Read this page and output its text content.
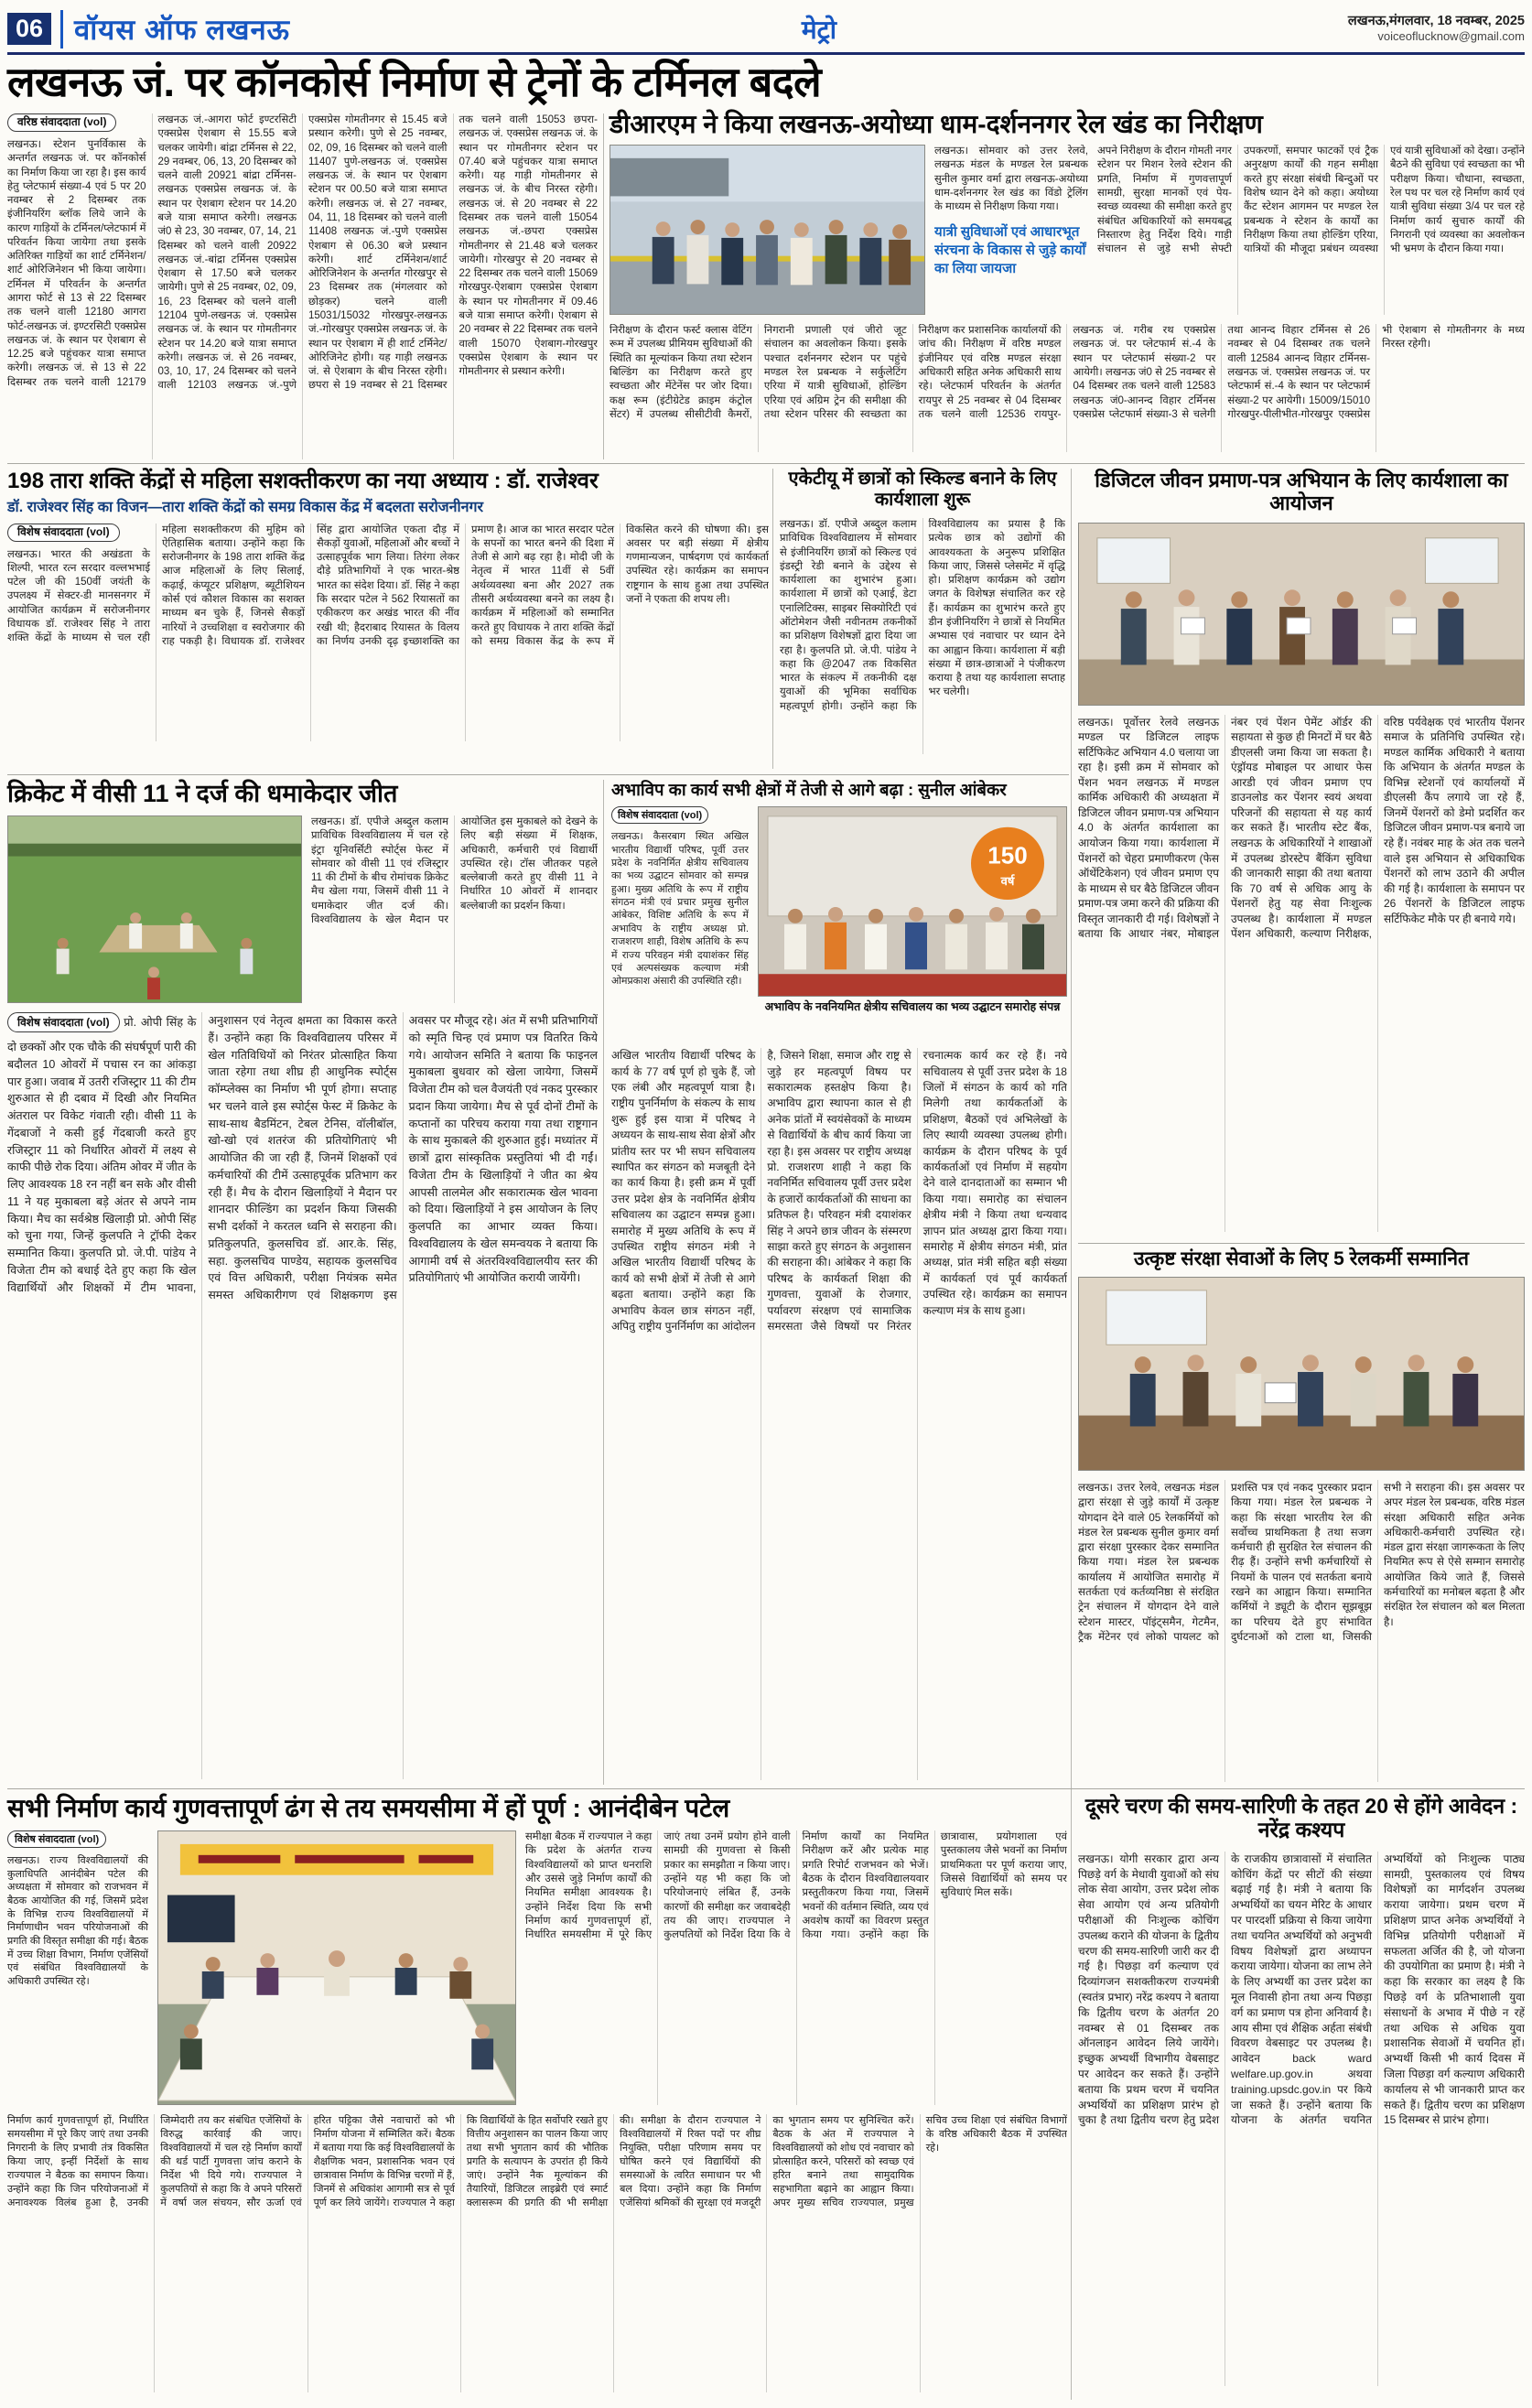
06	वॉयस ऑफ लखनऊ	मेट्रो	लखनऊ,मंगलवार, 18 नवम्बर, 2025
voiceoflucknow@gmail.com
लखनऊ जं. पर कॉनकोर्स निर्माण से ट्रेनों के टर्मिनल बदले
वरिष्ठ संवाददाता (vol) लखनऊ। स्टेशन पुनर्विकास के अन्तर्गत लखनऊ जं. पर कॉनकोर्स का निर्माण किया जा रहा है। इस कार्य हेतु प्लेटफार्म संख्या-4 एवं 5 पर 20 नवम्बर से 2 दिसम्बर तक इंजीनियरिंग ब्लॉक लिये जाने के कारण गाड़ियों के टर्मिनल/प्लेटफार्म में परिवर्तन किया जायेगा तथा इसके अतिरिक्त गाड़ियों का शार्ट टर्मिनेशन/शार्ट ओरिजिनेशन भी किया जायेगा। टर्मिनल में परिवर्तन के अन्तर्गत आगरा फोर्ट से 13 से 22 दिसम्बर तक चलने वाली 12180 आगरा फोर्ट-लखनऊ जं. इण्टरसिटी एक्सप्रेस लखनऊ जं. के स्थान पर ऐशबाग से 12.25 बजे पहुंचकर यात्रा समाप्त करेगी। लखनऊ जं. से 13 से 22 दिसम्बर तक चलने वाली 12179 लखनऊ जं.-आगरा फोर्ट इण्टरसिटी एक्सप्रेस ऐशबाग से 15.55 बजे चलकर जायेगी। बांद्रा टर्मिनस से 22, 29 नवम्बर, 06, 13, 20 दिसम्बर को चलने वाली 20921 बांद्रा टर्मिनस-लखनऊ एक्सप्रेस लखनऊ जं. के स्थान पर ऐशबाग स्टेशन पर 14.20 बजे यात्रा समाप्त करेगी। लखनऊ जं0 से 23, 30 नवम्बर, 07, 14, 21 दिसम्बर को चलने वाली 20922 लखनऊ जं.-बांद्रा टर्मिनस एक्सप्रेस ऐशबाग से 17.50 बजे चलकर जायेगी। पुणे से 25 नवम्बर, 02, 09, 16, 23 दिसम्बर को चलने वाली 12104 पुणे-लखनऊ जं. एक्सप्रेस लखनऊ जं. के स्थान पर गोमतीनगर स्टेशन पर 14.20 बजे यात्रा समाप्त करेगी। लखनऊ जं. से 26 नवम्बर, 03, 10, 17, 24 दिसम्बर को चलने वाली 12103 लखनऊ जं.-पुणे एक्सप्रेस गोमतीनगर से 15.45 बजे प्रस्थान करेगी। पुणे से 25 नवम्बर, 02, 09, 16 दिसम्बर को चलने वाली 11407 पुणे-लखनऊ जं. एक्सप्रेस लखनऊ जं. के स्थान पर ऐशबाग स्टेशन पर 00.50 बजे यात्रा समाप्त करेगी। लखनऊ जं. से 27 नवम्बर, 04, 11, 18 दिसम्बर को चलने वाली 11408 लखनऊ जं.-पुणे एक्सप्रेस ऐशबाग से 06.30 बजे प्रस्थान करेगी। शार्ट टर्मिनेशन/शार्ट ओरिजिनेशन के अन्तर्गत गोरखपुर से 23 दिसम्बर तक (मंगलवार को छोड़कर) चलने वाली 15031/15032 गोरखपुर-लखनऊ जं.-गोरखपुर एक्सप्रेस लखनऊ जं. के स्थान पर ऐशबाग में ही शार्ट टर्मिनेट/ओरिजिनेट होगी। यह गाड़ी लखनऊ जं. से ऐशबाग के बीच निरस्त रहेगी। छपरा से 19 नवम्बर से 21 दिसम्बर तक चलने वाली 15053 छपरा-लखनऊ जं. एक्सप्रेस लखनऊ जं. के स्थान पर गोमतीनगर स्टेशन पर 07.40 बजे पहुंचकर यात्रा समाप्त करेगी। यह गाड़ी गोमतीनगर से लखनऊ जं. के बीच निरस्त रहेगी। लखनऊ जं. से 20 नवम्बर से 22 दिसम्बर तक चलने वाली 15054 लखनऊ जं.-छपरा एक्सप्रेस गोमतीनगर से 21.48 बजे चलकर जायेगी। गोरखपुर से 20 नवम्बर से 22 दिसम्बर तक चलने वाली 15069 गोरखपुर-ऐशबाग एक्सप्रेस ऐशबाग के स्थान पर गोमतीनगर में 09.46 बजे यात्रा समाप्त करेगी। ऐशबाग से 20 नवम्बर से 22 दिसम्बर तक चलने वाली 15070 ऐशबाग-गोरखपुर एक्सप्रेस ऐशबाग के स्थान पर गोमतीनगर से प्रस्थान करेगी।
डीआरएम ने किया लखनऊ-अयोध्या धाम-दर्शननगर रेल खंड का निरीक्षण
लखनऊ। सोमवार को उत्तर रेलवे, लखनऊ मंडल के मण्डल रेल प्रबन्धक सुनील कुमार वर्मा द्वारा लखनऊ-अयोध्या धाम-दर्शननगर रेल खंड का विंडो ट्रेलिंग के माध्यम से निरीक्षण किया गया।
यात्री सुविधाओं एवं आधारभूत संरचना के विकास से जुड़े कार्यों का लिया जायजा
अपने निरीक्षण के दौरान गोमती नगर स्टेशन पर मिशन रेलवे स्टेशन की प्रगति, निर्माण में गुणवत्तापूर्ण सामग्री, सुरक्षा मानकों एवं पेय-स्वच्छ व्यवस्था की समीक्षा करते हुए संबंधित अधिकारियों को समयबद्ध निस्तारण हेतु निर्देश दिये। गाड़ी संचालन से जुड़े सभी सेफ्टी उपकरणों, समपार फाटकों एवं ट्रैक अनुरक्षण कार्यों की गहन समीक्षा करते हुए संरक्षा संबंधी बिन्दुओं पर विशेष ध्यान देने को कहा। अयोध्या कैंट स्टेशन आगमन पर मण्डल रेल प्रबन्धक ने स्टेशन के कार्यों का निरीक्षण किया तथा होल्डिंग एरिया, यात्रियों की मौजूदा प्रबंधन व्यवस्था एवं यात्री सुविधाओं को देखा। उन्होंने बैठने की सुविधा एवं स्वच्छता का भी परीक्षण किया। चौधाना, स्वच्छता, रेल पथ पर चल रहे निर्माण कार्य एवं यात्री सुविधा संख्या 3/4 पर चल रहे निर्माण कार्य सुचारु कार्यों की निगरानी एवं व्यवस्था का अवलोकन भी भ्रमण के दौरान किया गया।
निरीक्षण के दौरान फर्स्ट क्लास वेटिंग रूम में उपलब्ध प्रीमियम सुविधाओं की स्थिति का मूल्यांकन किया तथा स्टेशन बिल्डिंग का निरीक्षण करते हुए स्वच्छता और मेंटेनेंस पर जोर दिया। कक्ष रूम (इंटीग्रेटेड क्राइम कंट्रोल सेंटर) में उपलब्ध सीसीटीवी कैमरों, निगरानी प्रणाली एवं जीरो जूट संचालन का अवलोकन किया। इसके पश्चात दर्शननगर स्टेशन पर पहुंचे मण्डल रेल प्रबन्धक ने सर्कुलेटिंग एरिया में यात्री सुविधाओं, होल्डिंग एरिया एवं अग्रिम ट्रेन की समीक्षा की तथा स्टेशन परिसर की स्वच्छता का निरीक्षण कर प्रशासनिक कार्यालयों की जांच की। निरीक्षण में वरिष्ठ मण्डल इंजीनियर एवं वरिष्ठ मण्डल संरक्षा अधिकारी सहित अनेक अधिकारी साथ रहे। प्लेटफार्म परिवर्तन के अंतर्गत रायपुर से 25 नवम्बर से 04 दिसम्बर तक चलने वाली 12536 रायपुर-लखनऊ जं. गरीब रथ एक्सप्रेस लखनऊ जं. पर प्लेटफार्म सं.-4 के स्थान पर प्लेटफार्म संख्या-2 पर आयेगी। लखनऊ जं0 से 25 नवम्बर से 04 दिसम्बर तक चलने वाली 12583 लखनऊ जं0-आनन्द विहार टर्मिनस एक्सप्रेस प्लेटफार्म संख्या-3 से चलेगी तथा आनन्द विहार टर्मिनस से 26 नवम्बर से 04 दिसम्बर तक चलने वाली 12584 आनन्द विहार टर्मिनस-लखनऊ जं. एक्सप्रेस लखनऊ जं. पर प्लेटफार्म सं.-4 के स्थान पर प्लेटफार्म संख्या-2 पर आयेगी। 15009/15010 गोरखपुर-पीलीभीत-गोरखपुर एक्सप्रेस भी ऐशबाग से गोमतीनगर के मध्य निरस्त रहेगी।
198 तारा शक्ति केंद्रों से महिला सशक्तीकरण का नया अध्याय : डॉ. राजेश्वर
डॉ. राजेश्वर सिंह का विजन—तारा शक्ति केंद्रों को समग्र विकास केंद्र में बदलता सरोजनीनगर
विशेष संवाददाता (vol) लखनऊ। भारत की अखंडता के शिल्पी, भारत रत्न सरदार वल्लभभाई पटेल जी की 150वीं जयंती के उपलक्ष्य में सेक्टर-डी मानसनगर में आयोजित कार्यक्रम में सरोजनीनगर विधायक डॉ. राजेश्वर सिंह ने तारा शक्ति केंद्रों के माध्यम से चल रही महिला सशक्तीकरण की मुहिम को ऐतिहासिक बताया। उन्होंने कहा कि सरोजनीनगर के 198 तारा शक्ति केंद्र आज महिलाओं के लिए सिलाई, कढ़ाई, कंप्यूटर प्रशिक्षण, ब्यूटीशियन कोर्स एवं कौशल विकास का सशक्त माध्यम बन चुके हैं, जिनसे सैकड़ों नारियों ने उच्चशिक्षा व स्वरोजगार की राह पकड़ी है। विधायक डॉ. राजेश्वर सिंह द्वारा आयोजित एकता दौड़ में सैकड़ों युवाओं, महिलाओं और बच्चों ने उत्साहपूर्वक भाग लिया। तिरंगा लेकर दौड़े प्रतिभागियों ने एक भारत-श्रेष्ठ भारत का संदेश दिया। डॉ. सिंह ने कहा कि सरदार पटेल ने 562 रियासतों का एकीकरण कर अखंड भारत की नींव रखी थी; हैदराबाद रियासत के विलय का निर्णय उनकी दृढ़ इच्छाशक्ति का प्रमाण है। आज का भारत सरदार पटेल के सपनों का भारत बनने की दिशा में तेजी से आगे बढ़ रहा है। मोदी जी के नेतृत्व में भारत 11वीं से 5वीं अर्थव्यवस्था बना और 2027 तक तीसरी अर्थव्यवस्था बनने का लक्ष्य है। कार्यक्रम में महिलाओं को सम्मानित करते हुए विधायक ने तारा शक्ति केंद्रों को समग्र विकास केंद्र के रूप में विकसित करने की घोषणा की। इस अवसर पर बड़ी संख्या में क्षेत्रीय गणमान्यजन, पार्षदगण एवं कार्यकर्ता उपस्थित रहे। कार्यक्रम का समापन राष्ट्रगान के साथ हुआ तथा उपस्थित जनों ने एकता की शपथ ली।
एकेटीयू में छात्रों को स्किल्ड बनाने के लिए कार्यशाला शुरू
लखनऊ। डॉ. एपीजे अब्दुल कलाम प्राविधिक विश्वविद्यालय में सोमवार से इंजीनियरिंग छात्रों को स्किल्ड एवं इंडस्ट्री रेडी बनाने के उद्देश्य से कार्यशाला का शुभारंभ हुआ। कार्यशाला में छात्रों को एआई, डेटा एनालिटिक्स, साइबर सिक्योरिटी एवं ऑटोमेशन जैसी नवीनतम तकनीकों का प्रशिक्षण विशेषज्ञों द्वारा दिया जा रहा है। कुलपति प्रो. जे.पी. पांडेय ने कहा कि @2047 तक विकसित भारत के संकल्प में तकनीकी दक्ष युवाओं की भूमिका सर्वाधिक महत्वपूर्ण होगी। उन्होंने कहा कि विश्वविद्यालय का प्रयास है कि प्रत्येक छात्र को उद्योगों की आवश्यकता के अनुरूप प्रशिक्षित किया जाए, जिससे प्लेसमेंट में वृद्धि हो। प्रशिक्षण कार्यक्रम को उद्योग जगत के विशेषज्ञ संचालित कर रहे हैं। कार्यक्रम का शुभारंभ करते हुए डीन इंजीनियरिंग ने छात्रों से नियमित अभ्यास एवं नवाचार पर ध्यान देने का आह्वान किया। कार्यशाला में बड़ी संख्या में छात्र-छात्राओं ने पंजीकरण कराया है तथा यह कार्यशाला सप्ताह भर चलेगी।
डिजिटल जीवन प्रमाण-पत्र अभियान के लिए कार्यशाला का आयोजन
लखनऊ। पूर्वोत्तर रेलवे लखनऊ मण्डल पर डिजिटल लाइफ सर्टिफिकेट अभियान 4.0 चलाया जा रहा है। इसी क्रम में सोमवार को पेंशन भवन लखनऊ में मण्डल कार्मिक अधिकारी की अध्यक्षता में डिजिटल जीवन प्रमाण-पत्र अभियान 4.0 के अंतर्गत कार्यशाला का आयोजन किया गया। कार्यशाला में पेंशनरों को चेहरा प्रमाणीकरण (फेस ऑथेंटिकेशन) एवं जीवन प्रमाण एप के माध्यम से घर बैठे डिजिटल जीवन प्रमाण-पत्र जमा करने की प्रक्रिया की विस्तृत जानकारी दी गई। विशेषज्ञों ने बताया कि आधार नंबर, मोबाइल नंबर एवं पेंशन पेमेंट ऑर्डर की सहायता से कुछ ही मिनटों में घर बैठे डीएलसी जमा किया जा सकता है। एंड्रॉयड मोबाइल पर आधार फेस आरडी एवं जीवन प्रमाण एप डाउनलोड कर पेंशनर स्वयं अथवा परिजनों की सहायता से यह कार्य कर सकते हैं। भारतीय स्टेट बैंक, लखनऊ के अधिकारियों ने शाखाओं में उपलब्ध डोरस्टेप बैंकिंग सुविधा की जानकारी साझा की तथा बताया कि 70 वर्ष से अधिक आयु के पेंशनरों हेतु यह सेवा निःशुल्क उपलब्ध है। कार्यशाला में मण्डल पेंशन अधिकारी, कल्याण निरीक्षक, वरिष्ठ पर्यवेक्षक एवं भारतीय पेंशनर समाज के प्रतिनिधि उपस्थित रहे। मण्डल कार्मिक अधिकारी ने बताया कि अभियान के अंतर्गत मण्डल के विभिन्न स्टेशनों एवं कार्यालयों में डीएलसी कैंप लगाये जा रहे हैं, जिनमें पेंशनरों को डेमो प्रदर्शित कर डिजिटल जीवन प्रमाण-पत्र बनाये जा रहे हैं। नवंबर माह के अंत तक चलने वाले इस अभियान से अधिकाधिक पेंशनरों को लाभ उठाने की अपील की गई है। कार्यशाला के समापन पर 26 पेंशनरों के डिजिटल लाइफ सर्टिफिकेट मौके पर ही बनाये गये।
क्रिकेट में वीसी 11 ने दर्ज की धमाकेदार जीत
लखनऊ। डॉ. एपीजे अब्दुल कलाम प्राविधिक विश्वविद्यालय में चल रहे इंट्रा यूनिवर्सिटी स्पोर्ट्स फेस्ट में सोमवार को वीसी 11 एवं रजिस्ट्रार 11 की टीमों के बीच रोमांचक क्रिकेट मैच खेला गया, जिसमें वीसी 11 ने धमाकेदार जीत दर्ज की। विश्वविद्यालय के खेल मैदान पर आयोजित इस मुकाबले को देखने के लिए बड़ी संख्या में शिक्षक, अधिकारी, कर्मचारी एवं विद्यार्थी उपस्थित रहे। टॉस जीतकर पहले बल्लेबाजी करते हुए वीसी 11 ने निर्धारित 10 ओवरों में शानदार बल्लेबाजी का प्रदर्शन किया।
विशेष संवाददाता (vol) प्रो. ओपी सिंह के दो छक्कों और एक चौके की संघर्षपूर्ण पारी की बदौलत 10 ओवरों में पचास रन का आंकड़ा पार हुआ। जवाब में उतरी रजिस्ट्रार 11 की टीम शुरुआत से ही दबाव में दिखी और नियमित अंतराल पर विकेट गंवाती रही। वीसी 11 के गेंदबाजों ने कसी हुई गेंदबाजी करते हुए रजिस्ट्रार 11 को निर्धारित ओवरों में लक्ष्य से काफी पीछे रोक दिया। अंतिम ओवर में जीत के लिए आवश्यक 18 रन नहीं बन सके और वीसी 11 ने यह मुकाबला बड़े अंतर से अपने नाम किया। मैच का सर्वश्रेष्ठ खिलाड़ी प्रो. ओपी सिंह को चुना गया, जिन्हें कुलपति ने ट्रॉफी देकर सम्मानित किया। कुलपति प्रो. जे.पी. पांडेय ने विजेता टीम को बधाई देते हुए कहा कि खेल विद्यार्थियों और शिक्षकों में टीम भावना, अनुशासन एवं नेतृत्व क्षमता का विकास करते हैं। उन्होंने कहा कि विश्वविद्यालय परिसर में खेल गतिविधियों को निरंतर प्रोत्साहित किया जाता रहेगा तथा शीघ्र ही आधुनिक स्पोर्ट्स कॉम्प्लेक्स का निर्माण भी पूर्ण होगा। सप्ताह भर चलने वाले इस स्पोर्ट्स फेस्ट में क्रिकेट के साथ-साथ बैडमिंटन, टेबल टेनिस, वॉलीबॉल, खो-खो एवं शतरंज की प्रतियोगिताएं भी आयोजित की जा रही हैं, जिनमें शिक्षकों एवं कर्मचारियों की टीमें उत्साहपूर्वक प्रतिभाग कर रही हैं। मैच के दौरान खिलाड़ियों ने मैदान पर शानदार फील्डिंग का प्रदर्शन किया जिसकी सभी दर्शकों ने करतल ध्वनि से सराहना की। प्रतिकुलपति, कुलसचिव डॉ. आर.के. सिंह, सहा. कुलसचिव पाण्डेय, सहायक कुलसचिव एवं वित्त अधिकारी, परीक्षा नियंत्रक समेत समस्त अधिकारीगण एवं शिक्षकगण इस अवसर पर मौजूद रहे। अंत में सभी प्रतिभागियों को स्मृति चिन्ह एवं प्रमाण पत्र वितरित किये गये। आयोजन समिति ने बताया कि फाइनल मुकाबला बुधवार को खेला जायेगा, जिसमें विजेता टीम को चल वैजयंती एवं नकद पुरस्कार प्रदान किया जायेगा। मैच से पूर्व दोनों टीमों के कप्तानों का परिचय कराया गया तथा राष्ट्रगान के साथ मुकाबले की शुरुआत हुई। मध्यांतर में छात्रों द्वारा सांस्कृतिक प्रस्तुतियां भी दी गईं। विजेता टीम के खिलाड़ियों ने जीत का श्रेय आपसी तालमेल और सकारात्मक खेल भावना को दिया। खिलाड़ियों ने इस आयोजन के लिए कुलपति का आभार व्यक्त किया। विश्वविद्यालय के खेल समन्वयक ने बताया कि आगामी वर्ष से अंतरविश्वविद्यालयीय स्तर की प्रतियोगिताएं भी आयोजित करायी जायेंगी।
अभाविप का कार्य सभी क्षेत्रों में तेजी से आगे बढ़ा : सुनील आंबेकर
विशेष संवाददाता (vol)
लखनऊ। कैसरबाग स्थित अखिल भारतीय विद्यार्थी परिषद, पूर्वी उत्तर प्रदेश के नवनिर्मित क्षेत्रीय सचिवालय का भव्य उद्घाटन सोमवार को सम्पन्न हुआ। मुख्य अतिथि के रूप में राष्ट्रीय संगठन मंत्री एवं प्रचार प्रमुख सुनील आंबेकर, विशिष्ट अतिथि के रूप में अभाविप के राष्ट्रीय अध्यक्ष प्रो. राजशरण शाही, विशेष अतिथि के रूप में राज्य परिवहन मंत्री दयाशंकर सिंह एवं अल्पसंख्यक कल्याण मंत्री ओमप्रकाश अंसारी की उपस्थिति रही।
150
वर्ष
अभाविप के नवनियमित क्षेत्रीय सचिवालय का भव्य उद्घाटन समारोह संपन्न
अखिल भारतीय विद्यार्थी परिषद के कार्य के 77 वर्ष पूर्ण हो चुके हैं, जो एक लंबी और महत्वपूर्ण यात्रा है। राष्ट्रीय पुनर्निर्माण के संकल्प के साथ शुरू हुई इस यात्रा में परिषद ने अध्ययन के साथ-साथ सेवा क्षेत्रों और प्रांतीय स्तर पर भी सघन सचिवालय स्थापित कर संगठन को मजबूती देने का कार्य किया है। इसी क्रम में पूर्वी उत्तर प्रदेश क्षेत्र के नवनिर्मित क्षेत्रीय सचिवालय का उद्घाटन सम्पन्न हुआ। समारोह में मुख्य अतिथि के रूप में उपस्थित राष्ट्रीय संगठन मंत्री ने अखिल भारतीय विद्यार्थी परिषद के कार्य को सभी क्षेत्रों में तेजी से आगे बढ़ता बताया। उन्होंने कहा कि अभाविप केवल छात्र संगठन नहीं, अपितु राष्ट्रीय पुनर्निर्माण का आंदोलन है, जिसने शिक्षा, समाज और राष्ट्र से जुड़े हर महत्वपूर्ण विषय पर सकारात्मक हस्तक्षेप किया है। अभाविप द्वारा स्थापना काल से ही अनेक प्रांतों में स्वयंसेवकों के माध्यम से विद्यार्थियों के बीच कार्य किया जा रहा है। इस अवसर पर राष्ट्रीय अध्यक्ष प्रो. राजशरण शाही ने कहा कि नवनिर्मित सचिवालय पूर्वी उत्तर प्रदेश के हजारों कार्यकर्ताओं की साधना का प्रतिफल है। परिवहन मंत्री दयाशंकर सिंह ने अपने छात्र जीवन के संस्मरण साझा करते हुए संगठन के अनुशासन की सराहना की। आंबेकर ने कहा कि परिषद के कार्यकर्ता शिक्षा की गुणवत्ता, युवाओं के रोजगार, पर्यावरण संरक्षण एवं सामाजिक समरसता जैसे विषयों पर निरंतर रचनात्मक कार्य कर रहे हैं। नये सचिवालय से पूर्वी उत्तर प्रदेश के 18 जिलों में संगठन के कार्य को गति मिलेगी तथा कार्यकर्ताओं के प्रशिक्षण, बैठकों एवं अभिलेखों के लिए स्थायी व्यवस्था उपलब्ध होगी। कार्यक्रम के दौरान परिषद के पूर्व कार्यकर्ताओं एवं निर्माण में सहयोग देने वाले दानदाताओं का सम्मान भी किया गया। समारोह का संचालन क्षेत्रीय मंत्री ने किया तथा धन्यवाद ज्ञापन प्रांत अध्यक्ष द्वारा किया गया। समारोह में क्षेत्रीय संगठन मंत्री, प्रांत अध्यक्ष, प्रांत मंत्री सहित बड़ी संख्या में कार्यकर्ता एवं पूर्व कार्यकर्ता उपस्थित रहे। कार्यक्रम का समापन कल्याण मंत्र के साथ हुआ।
उत्कृष्ट संरक्षा सेवाओं के लिए 5 रेलकर्मी सम्मानित
लखनऊ। उत्तर रेलवे, लखनऊ मंडल द्वारा संरक्षा से जुड़े कार्यों में उत्कृष्ट योगदान देने वाले 05 रेलकर्मियों को मंडल रेल प्रबन्धक सुनील कुमार वर्मा द्वारा संरक्षा पुरस्कार देकर सम्मानित किया गया। मंडल रेल प्रबन्धक कार्यालय में आयोजित समारोह में सतर्कता एवं कर्तव्यनिष्ठा से संरक्षित ट्रेन संचालन में योगदान देने वाले स्टेशन मास्टर, पॉइंट्समैन, गेटमैन, ट्रैक मेंटेनर एवं लोको पायलट को प्रशस्ति पत्र एवं नकद पुरस्कार प्रदान किया गया। मंडल रेल प्रबन्धक ने कहा कि संरक्षा भारतीय रेल की सर्वोच्च प्राथमिकता है तथा सजग कर्मचारी ही सुरक्षित रेल संचालन की रीढ़ हैं। उन्होंने सभी कर्मचारियों से नियमों के पालन एवं सतर्कता बनाये रखने का आह्वान किया। सम्मानित कर्मियों ने ड्यूटी के दौरान सूझबूझ का परिचय देते हुए संभावित दुर्घटनाओं को टाला था, जिसकी सभी ने सराहना की। इस अवसर पर अपर मंडल रेल प्रबन्धक, वरिष्ठ मंडल संरक्षा अधिकारी सहित अनेक अधिकारी-कर्मचारी उपस्थित रहे। मंडल द्वारा संरक्षा जागरूकता के लिए नियमित रूप से ऐसे सम्मान समारोह आयोजित किये जाते हैं, जिससे कर्मचारियों का मनोबल बढ़ता है और संरक्षित रेल संचालन को बल मिलता है।
सभी निर्माण कार्य गुणवत्तापूर्ण ढंग से तय समयसीमा में हों पूर्ण : आनंदीबेन पटेल
विशेष संवाददाता (vol)
लखनऊ। राज्य विश्वविद्यालयों की कुलाधिपति आनंदीबेन पटेल की अध्यक्षता में सोमवार को राजभवन में बैठक आयोजित की गई, जिसमें प्रदेश के विभिन्न राज्य विश्वविद्यालयों में निर्माणाधीन भवन परियोजनाओं की प्रगति की विस्तृत समीक्षा की गई। बैठक में उच्च शिक्षा विभाग, निर्माण एजेंसियों एवं संबंधित विश्वविद्यालयों के अधिकारी उपस्थित रहे।
समीक्षा बैठक में राज्यपाल ने कहा कि प्रदेश के अंतर्गत राज्य विश्वविद्यालयों को प्राप्त धनराशि और उससे जुड़े निर्माण कार्यों की नियमित समीक्षा आवश्यक है। उन्होंने निर्देश दिया कि सभी निर्माण कार्य गुणवत्तापूर्ण हों, निर्धारित समयसीमा में पूरे किए जाएं तथा उनमें प्रयोग होने वाली सामग्री की गुणवत्ता से किसी प्रकार का समझौता न किया जाए। उन्होंने यह भी कहा कि जो परियोजनाएं लंबित हैं, उनके कारणों की समीक्षा कर जवाबदेही तय की जाए। राज्यपाल ने कुलपतियों को निर्देश दिया कि वे निर्माण कार्यों का नियमित निरीक्षण करें और प्रत्येक माह प्रगति रिपोर्ट राजभवन को भेजें। बैठक के दौरान विश्वविद्यालयवार प्रस्तुतीकरण किया गया, जिसमें भवनों की वर्तमान स्थिति, व्यय एवं अवशेष कार्यों का विवरण प्रस्तुत किया गया। उन्होंने कहा कि छात्रावास, प्रयोगशाला एवं पुस्तकालय जैसे भवनों का निर्माण प्राथमिकता पर पूर्ण कराया जाए, जिससे विद्यार्थियों को समय पर सुविधाएं मिल सकें।
निर्माण कार्य गुणवत्तापूर्ण हों, निर्धारित समयसीमा में पूरे किए जाएं तथा उनकी निगरानी के लिए प्रभावी तंत्र विकसित किया जाए, इन्हीं निर्देशों के साथ राज्यपाल ने बैठक का समापन किया। उन्होंने कहा कि जिन परियोजनाओं में अनावश्यक विलंब हुआ है, उनकी जिम्मेदारी तय कर संबंधित एजेंसियों के विरुद्ध कार्रवाई की जाए। विश्वविद्यालयों में चल रहे निर्माण कार्यों की थर्ड पार्टी गुणवत्ता जांच कराने के निर्देश भी दिये गये। राज्यपाल ने कुलपतियों से कहा कि वे अपने परिसरों में वर्षा जल संचयन, सौर ऊर्जा एवं हरित पट्टिका जैसे नवाचारों को भी निर्माण योजना में सम्मिलित करें। बैठक में बताया गया कि कई विश्वविद्यालयों के शैक्षणिक भवन, प्रशासनिक भवन एवं छात्रावास निर्माण के विभिन्न चरणों में हैं, जिनमें से अधिकांश आगामी सत्र से पूर्व पूर्ण कर लिये जायेंगे। राज्यपाल ने कहा कि विद्यार्थियों के हित सर्वोपरि रखते हुए वित्तीय अनुशासन का पालन किया जाए तथा सभी भुगतान कार्य की भौतिक प्रगति के सत्यापन के उपरांत ही किये जाएं। उन्होंने नैक मूल्यांकन की तैयारियों, डिजिटल लाइब्रेरी एवं स्मार्ट क्लासरूम की प्रगति की भी समीक्षा की। समीक्षा के दौरान राज्यपाल ने विश्वविद्यालयों में रिक्त पदों पर शीघ्र नियुक्ति, परीक्षा परिणाम समय पर घोषित करने एवं विद्यार्थियों की समस्याओं के त्वरित समाधान पर भी बल दिया। उन्होंने कहा कि निर्माण एजेंसियां श्रमिकों की सुरक्षा एवं मजदूरी का भुगतान समय पर सुनिश्चित करें। बैठक के अंत में राज्यपाल ने विश्वविद्यालयों को शोध एवं नवाचार को प्रोत्साहित करने, परिसरों को स्वच्छ एवं हरित बनाने तथा सामुदायिक सहभागिता बढ़ाने का आह्वान किया। अपर मुख्य सचिव राज्यपाल, प्रमुख सचिव उच्च शिक्षा एवं संबंधित विभागों के वरिष्ठ अधिकारी बैठक में उपस्थित रहे।
दूसरे चरण की समय-सारिणी के तहत 20 से होंगे आवेदन : नरेंद्र कश्यप
लखनऊ। योगी सरकार द्वारा अन्य पिछड़े वर्ग के मेधावी युवाओं को संघ लोक सेवा आयोग, उत्तर प्रदेश लोक सेवा आयोग एवं अन्य प्रतियोगी परीक्षाओं की निःशुल्क कोचिंग उपलब्ध कराने की योजना के द्वितीय चरण की समय-सारिणी जारी कर दी गई है। पिछड़ा वर्ग कल्याण एवं दिव्यांगजन सशक्तीकरण राज्यमंत्री (स्वतंत्र प्रभार) नरेंद्र कश्यप ने बताया कि द्वितीय चरण के अंतर्गत 20 नवम्बर से 01 दिसम्बर तक ऑनलाइन आवेदन लिये जायेंगे। इच्छुक अभ्यर्थी विभागीय वेबसाइट पर आवेदन कर सकते हैं। उन्होंने बताया कि प्रथम चरण में चयनित अभ्यर्थियों का प्रशिक्षण प्रारंभ हो चुका है तथा द्वितीय चरण हेतु प्रदेश के राजकीय छात्रावासों में संचालित कोचिंग केंद्रों पर सीटों की संख्या बढ़ाई गई है। मंत्री ने बताया कि अभ्यर्थियों का चयन मेरिट के आधार पर पारदर्शी प्रक्रिया से किया जायेगा तथा चयनित अभ्यर्थियों को अनुभवी विषय विशेषज्ञों द्वारा अध्यापन कराया जायेगा। योजना का लाभ लेने के लिए अभ्यर्थी का उत्तर प्रदेश का मूल निवासी होना तथा अन्य पिछड़ा वर्ग का प्रमाण पत्र होना अनिव‍ार्य है। आय सीमा एवं शैक्षिक अर्हता संबंधी विवरण वेबसाइट पर उपलब्ध है। आवेदन back ward welfare.up.gov.in अथवा training.upsdc.gov.in पर किये जा सकते हैं। उन्होंने बताया कि योजना के अंतर्गत चयनित अभ्यर्थियों को निःशुल्क पाठ्य सामग्री, पुस्तकालय एवं विषय विशेषज्ञों का मार्गदर्शन उपलब्ध कराया जायेगा। प्रथम चरण में प्रशिक्षण प्राप्त अनेक अभ्यर्थियों ने विभिन्न प्रतियोगी परीक्षाओं में सफलता अर्जित की है, जो योजना की उपयोगिता का प्रमाण है। मंत्री ने कहा कि सरकार का लक्ष्य है कि पिछड़े वर्ग के प्रतिभाशाली युवा संसाधनों के अभाव में पीछे न रहें तथा अधिक से अधिक युवा प्रशासनिक सेवाओं में चयनित हों। अभ्यर्थी किसी भी कार्य दिवस में जिला पिछड़ा वर्ग कल्याण अधिकारी कार्यालय से भी जानकारी प्राप्त कर सकते हैं। द्वितीय चरण का प्रशिक्षण 15 दिसम्बर से प्रारंभ होगा।
